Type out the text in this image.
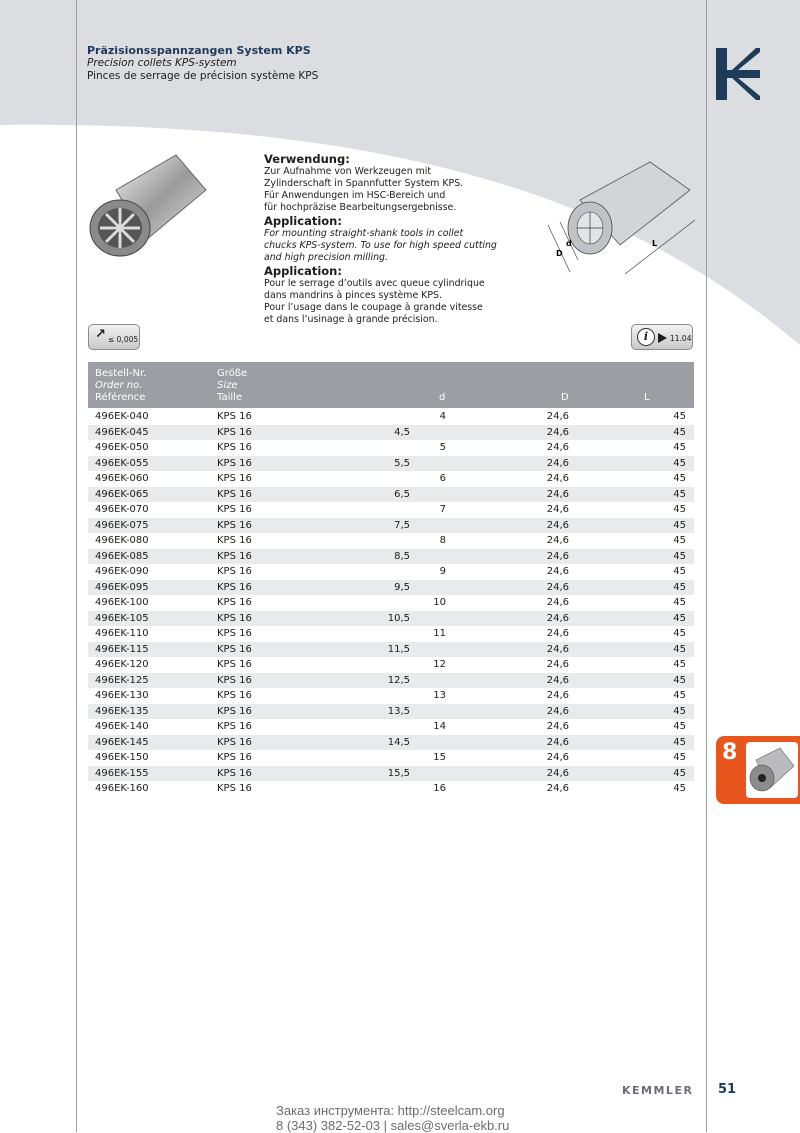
Präzisionsspannzangen System KPS
Precision collets KPS-system
Pinces de serrage de précision système KPS
D
d	L
Verwendung:

Zur Aufnahme von Werkzeugen mit

Zylinderschaft in Spannfutter System KPS.

Für Anwendungen im HSC-Bereich und

für hochpräzise Bearbeitungsergebnisse.

Application:

For mounting straight-shank tools in collet

chucks KPS-system. To use for high speed cutting

and high precision milling.

Application:

Pour le serrage d’outils avec queue cylindrique

dans mandrins à pinces système KPS.

Pour l’usage dans le coupage à grande vitesse

et dans l’usinage à grande précision.

↗ ≤ 0,005	i	11.04
Bestell-Nr.
Order no.
Référence
Größe
Size
Taille	d	D	L
496EK-040	KPS 16	4	24,6	45
496EK-045	KPS 16	4,5	24,6	45
496EK-050	KPS 16	5	24,6	45
496EK-055	KPS 16	5,5	24,6	45
496EK-060	KPS 16	6	24,6	45
496EK-065	KPS 16	6,5	24,6	45
496EK-070	KPS 16	7	24,6	45
496EK-075	KPS 16	7,5	24,6	45
496EK-080	KPS 16	8	24,6	45
496EK-085	KPS 16	8,5	24,6	45
496EK-090	KPS 16	9	24,6	45
496EK-095	KPS 16	9,5	24,6	45
496EK-100	KPS 16	10	24,6	45
496EK-105	KPS 16	10,5	24,6	45
496EK-110	KPS 16	11	24,6	45
496EK-115	KPS 16	11,5	24,6	45
496EK-120	KPS 16	12	24,6	45
496EK-125	KPS 16	12,5	24,6	45
496EK-130	KPS 16	13	24,6	45
496EK-135	KPS 16	13,5	24,6	45
496EK-140	KPS 16	14	24,6	45
496EK-145	KPS 16	14,5	24,6	45
496EK-150	KPS 16	15	24,6	45
496EK-155	KPS 16	15,5	24,6	45
496EK-160	KPS 16	16	24,6	45
8
KEMMLER 51
Заказ инструмента: http://steelcam.org
8 (343) 382-52-03 | sales@sverla-ekb.ru
